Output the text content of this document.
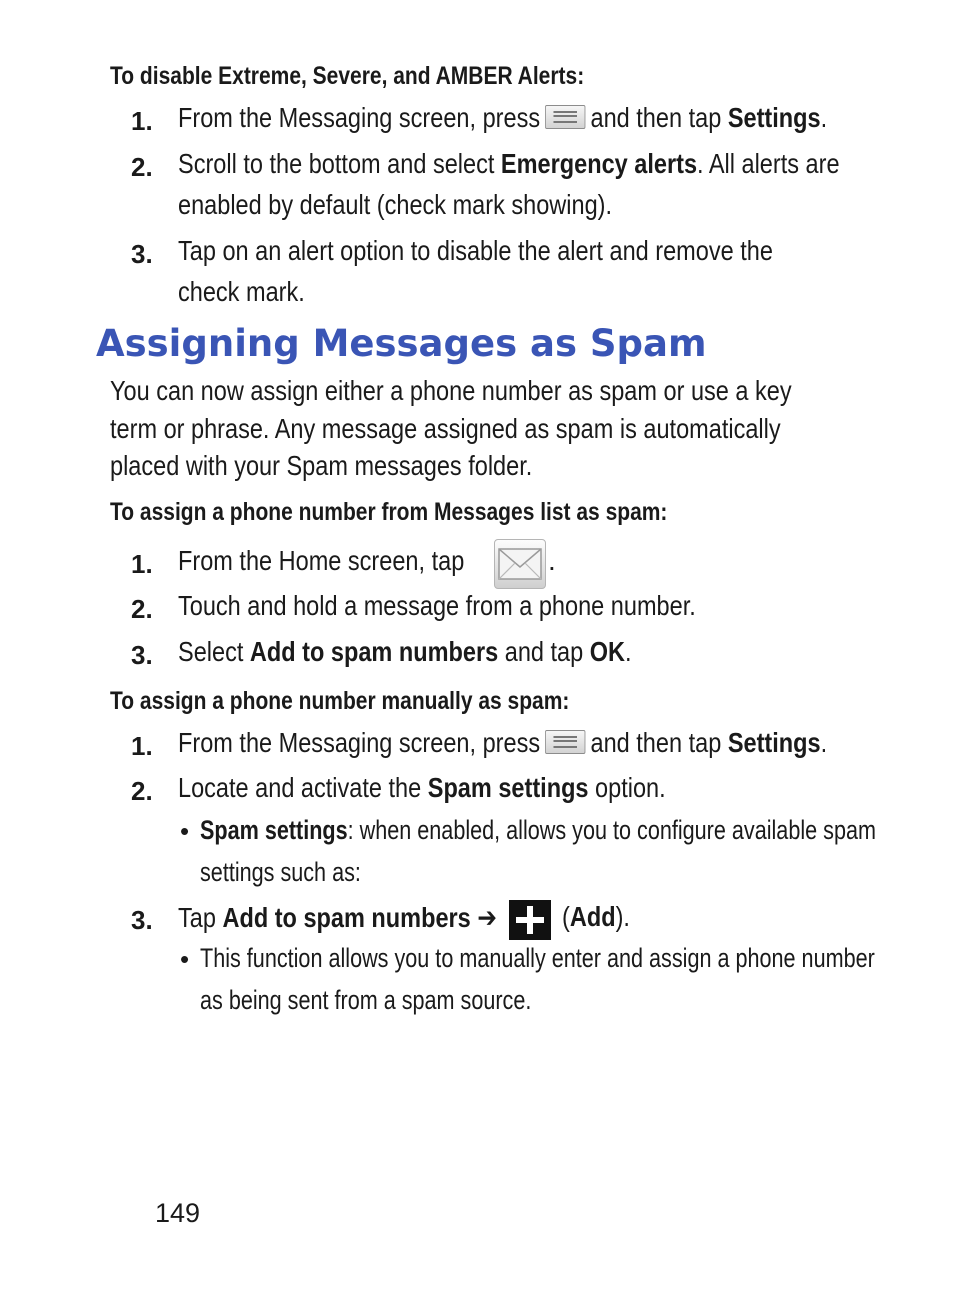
To disable Extreme, Severe, and AMBER Alerts:
1. From the Messaging screen, press and then tap Settings.
2. Scroll to the bottom and select Emergency alerts. All alerts are
enabled by default (check mark showing).
3. Tap on an alert option to disable the alert and remove the
check mark.
Assigning Messages as Spam
You can now assign either a phone number as spam or use a key
term or phrase. Any message assigned as spam is automatically
placed with your Spam messages folder.
To assign a phone number from Messages list as spam:
1. From the Home screen, tap	.
2. Touch and hold a message from a phone number.
3. Select Add to spam numbers and tap OK.
To assign a phone number manually as spam:
1. From the Messaging screen, press and then tap Settings.
2. Locate and activate the Spam settings option.
• Spam settings: when enabled, allows you to configure available spam
settings such as:
3. Tap Add to spam numbers ➔	(Add).
• This function allows you to manually enter and assign a phone number
as being sent from a spam source.
149
